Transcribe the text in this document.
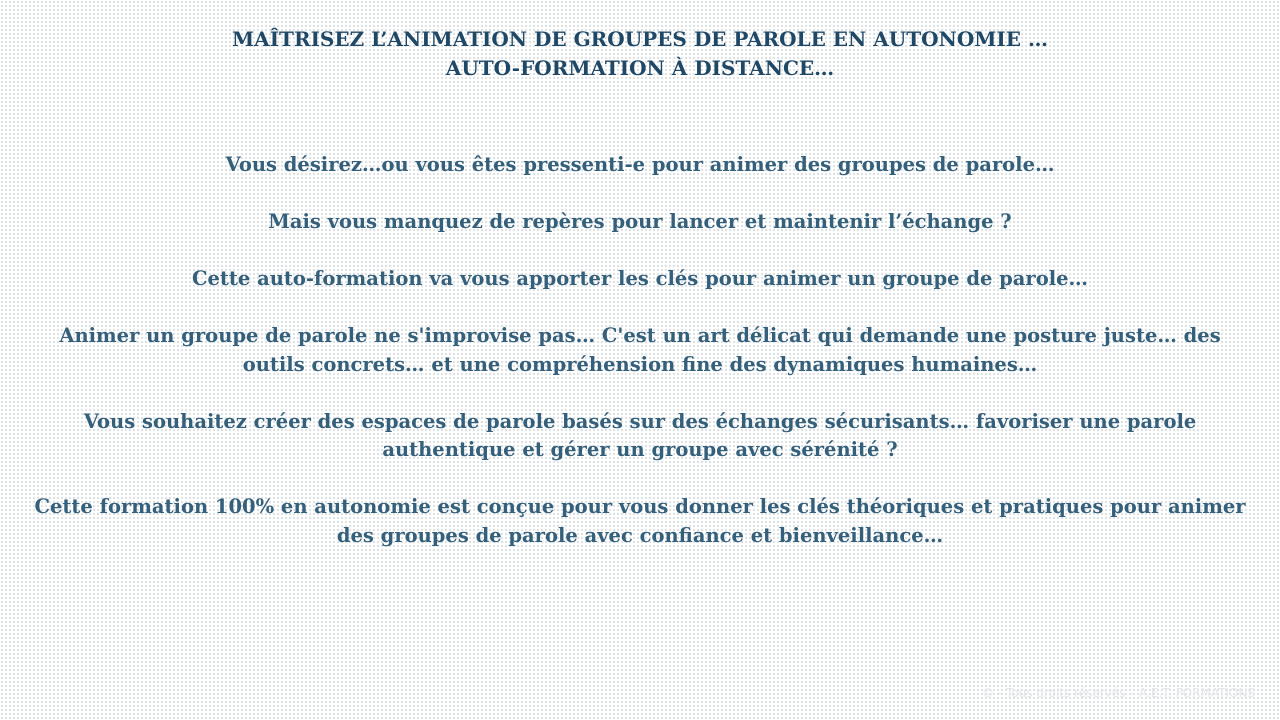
MAÎTRISEZ L’ANIMATION DE GROUPES DE PAROLE EN AUTONOMIE …
AUTO-FORMATION À DISTANCE…

Vous désirez…ou vous êtes pressenti-e pour animer des groupes de parole…

Mais vous manquez de repères pour lancer et maintenir l’échange ?

Cette auto-formation va vous apporter les clés pour animer un groupe de parole…

Animer un groupe de parole ne s'improvise pas… C'est un art délicat qui demande une posture juste… des
outils concrets… et une compréhension fine des dynamiques humaines…

Vous souhaitez créer des espaces de parole basés sur des échanges sécurisants… favoriser une parole
authentique et gérer un groupe avec sérénité ?

Cette formation 100% en autonomie est conçue pour vous donner les clés théoriques et pratiques pour animer
des groupes de parole avec confiance et bienveillance…

© - Tous droits réservés – A.E.T. FORMATIONS
